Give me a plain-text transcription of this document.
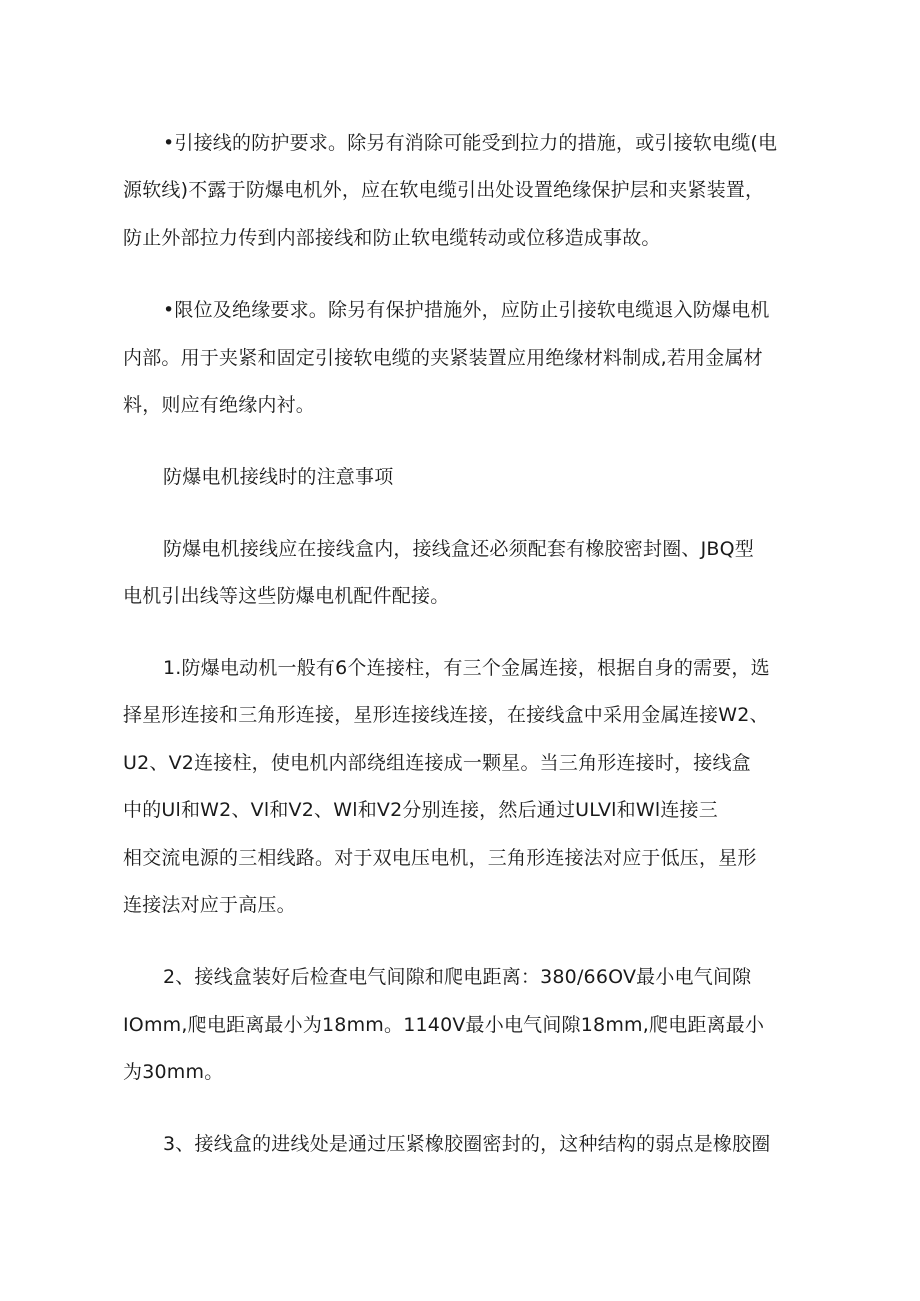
•引接线的防护要求。除另有消除可能受到拉力的措施，或引接软电缆(电
源软线)不露于防爆电机外，应在软电缆引出处设置绝缘保护层和夹紧装置，
防止外部拉力传到内部接线和防止软电缆转动或位移造成事故。
•限位及绝缘要求。除另有保护措施外，应防止引接软电缆退入防爆电机
内部。用于夹紧和固定引接软电缆的夹紧装置应用绝缘材料制成,若用金属材
料，则应有绝缘内衬。
防爆电机接线时的注意事项
防爆电机接线应在接线盒内，接线盒还必须配套有橡胶密封圈、JBQ型
电机引出线等这些防爆电机配件配接。
1.防爆电动机一般有6个连接柱，有三个金属连接，根据自身的需要，选
择星形连接和三角形连接，星形连接线连接，在接线盒中采用金属连接W2、
U2、V2连接柱，使电机内部绕组连接成一颗星。当三角形连接时，接线盒
中的Ul和W2、Vl和V2、Wl和V2分别连接，然后通过ULVl和Wl连接三
相交流电源的三相线路。对于双电压电机，三角形连接法对应于低压，星形
连接法对应于高压。
2、接线盒装好后检查电气间隙和爬电距离：380/66OV最小电气间隙
IOmm,爬电距离最小为18mm。1140V最小电气间隙18mm,爬电距离最小
为30mm。
3、接线盒的进线处是通过压紧橡胶圈密封的，这种结构的弱点是橡胶圈
